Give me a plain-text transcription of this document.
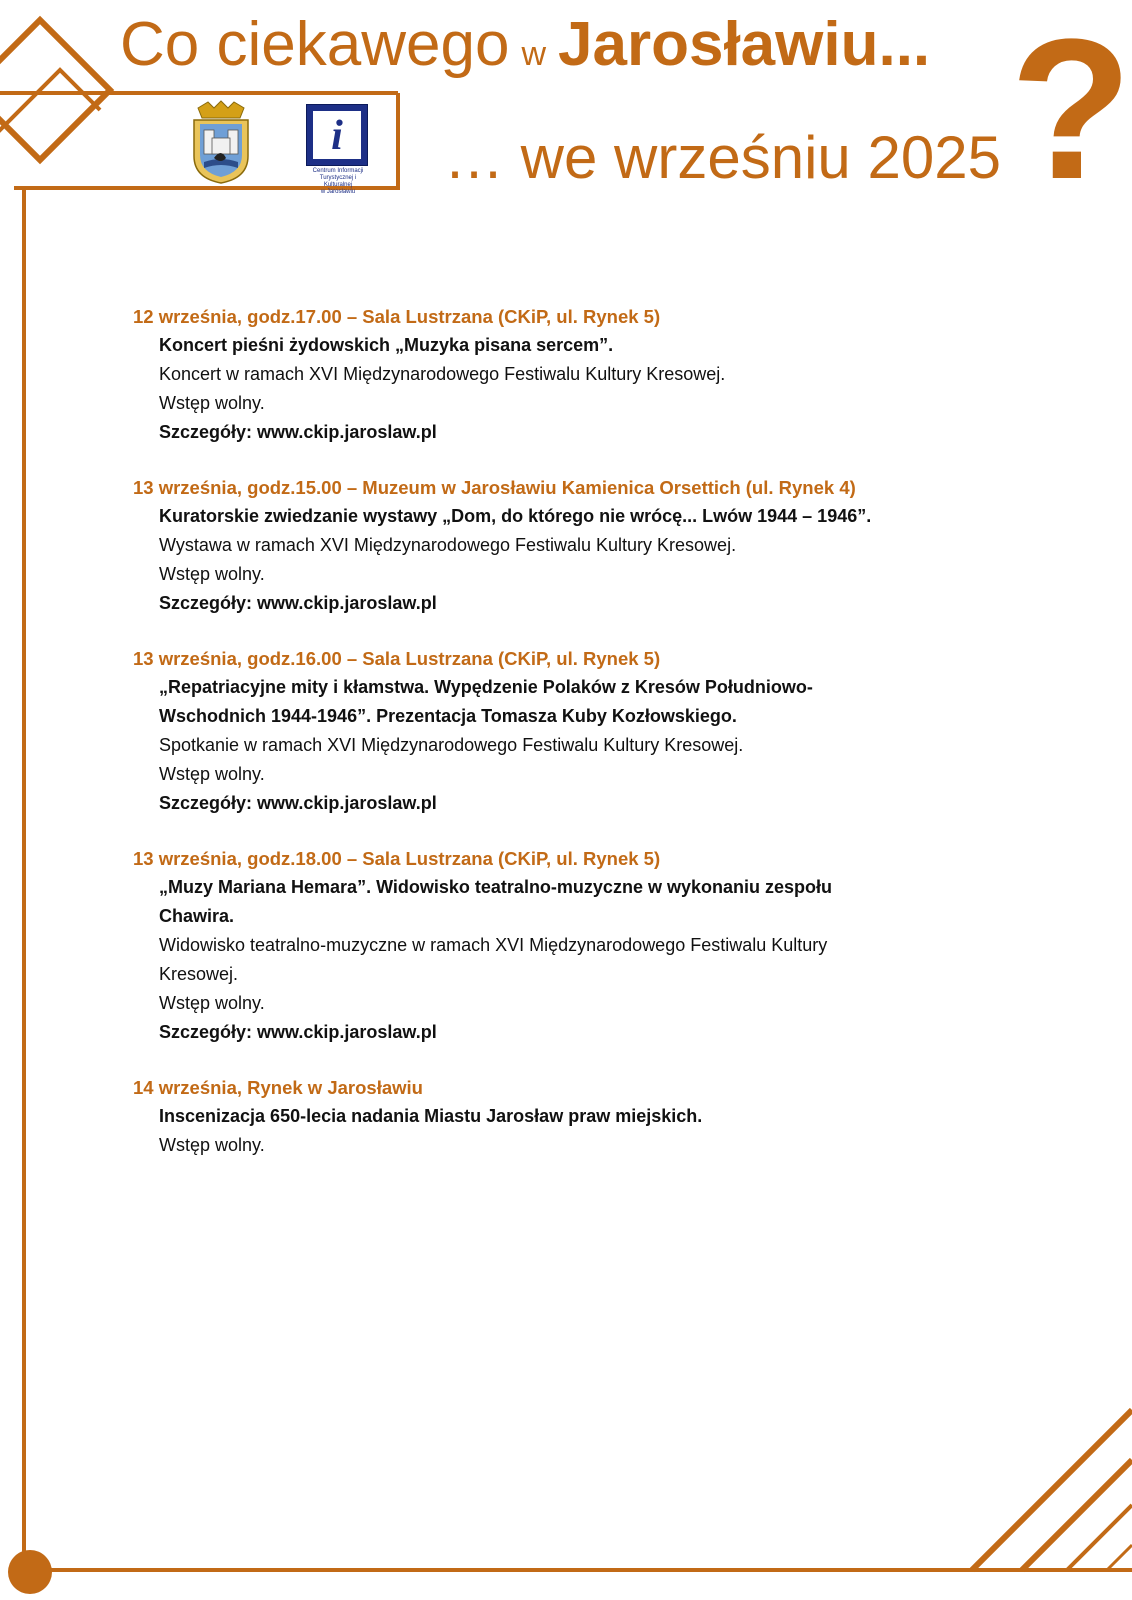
Co ciekawego w Jarosławiu...
… we wrześniu 2025 ?
i
Centrum Informacji
Turystycznej i Kulturalnej
w Jarosławiu
12 września, godz.17.00 – Sala Lustrzana (CKiP, ul. Rynek 5)
Koncert pieśni żydowskich „Muzyka pisana sercem”.
Koncert w ramach XVI Międzynarodowego Festiwalu Kultury Kresowej.
Wstęp wolny.
Szczegóły: www.ckip.jaroslaw.pl
13 września, godz.15.00 – Muzeum w Jarosławiu Kamienica Orsettich (ul. Rynek 4)
Kuratorskie zwiedzanie wystawy „Dom, do którego nie wrócę... Lwów 1944 – 1946”.
Wystawa w ramach XVI Międzynarodowego Festiwalu Kultury Kresowej.
Wstęp wolny.
Szczegóły: www.ckip.jaroslaw.pl
13 września, godz.16.00 – Sala Lustrzana (CKiP, ul. Rynek 5)
„Repatriacyjne mity i kłamstwa. Wypędzenie Polaków z Kresów Południowo-
Wschodnich 1944-1946”. Prezentacja Tomasza Kuby Kozłowskiego.
Spotkanie w ramach XVI Międzynarodowego Festiwalu Kultury Kresowej.
Wstęp wolny.
Szczegóły: www.ckip.jaroslaw.pl
13 września, godz.18.00 – Sala Lustrzana (CKiP, ul. Rynek 5)
„Muzy Mariana Hemara”. Widowisko teatralno-muzyczne w wykonaniu zespołu
Chawira.
Widowisko teatralno-muzyczne w ramach XVI Międzynarodowego Festiwalu Kultury
Kresowej.
Wstęp wolny.
Szczegóły: www.ckip.jaroslaw.pl
14 września, Rynek w Jarosławiu
Inscenizacja 650-lecia nadania Miastu Jarosław praw miejskich.
Wstęp wolny.
